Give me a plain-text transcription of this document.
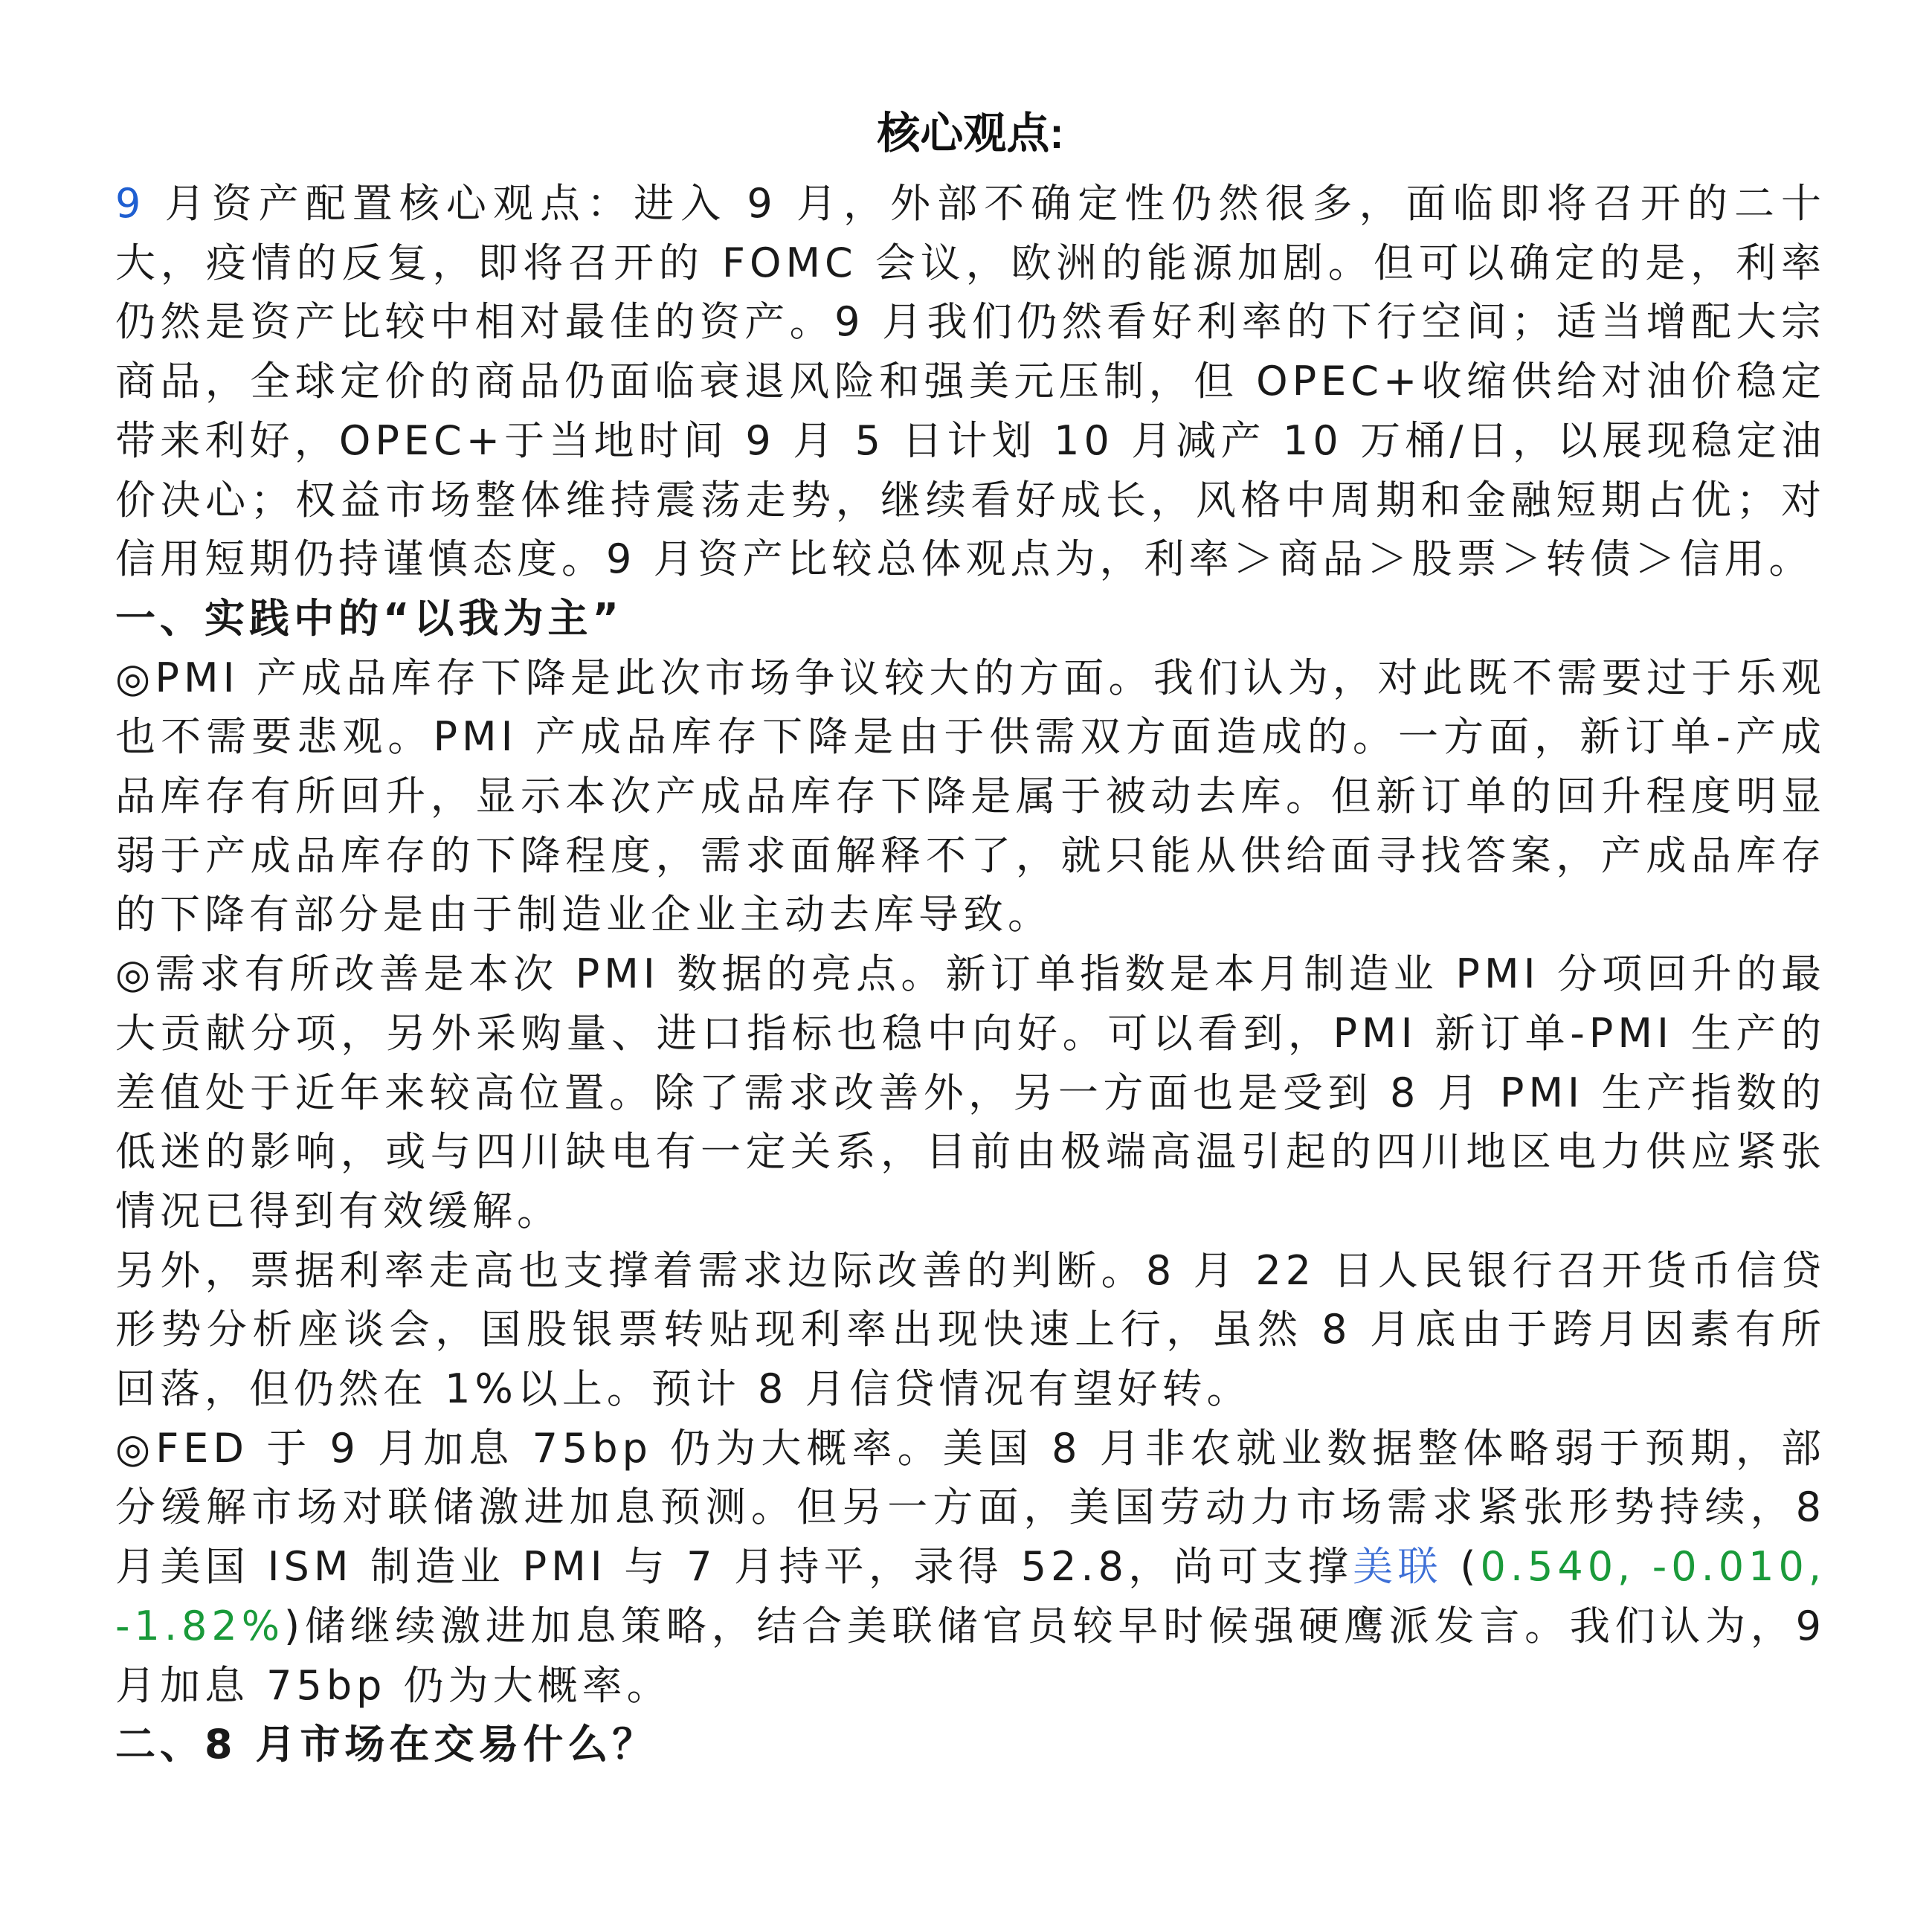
核心观点:

9 月资产配置核心观点：进入 9 月，外部不确定性仍然很多，面临即将召开的二十大，疫情的反复，即将召开的 FOMC 会议，欧洲的能源加剧。但可以确定的是，利率仍然是资产比较中相对最佳的资产。9 月我们仍然看好利率的下行空间；适当增配大宗商品，全球定价的商品仍面临衰退风险和强美元压制，但 OPEC+收缩供给对油价稳定带来利好，OPEC+于当地时间 9 月 5 日计划 10 月减产 10 万桶/日，以展现稳定油价决心；权益市场整体维持震荡走势，继续看好成长，风格中周期和金融短期占优；对信用短期仍持谨慎态度。9 月资产比较总体观点为，利率＞商品＞股票＞转债＞信用。

一、实践中的“以我为主”

◎PMI 产成品库存下降是此次市场争议较大的方面。我们认为，对此既不需要过于乐观也不需要悲观。PMI 产成品库存下降是由于供需双方面造成的。一方面，新订单-产成品库存有所回升，显示本次产成品库存下降是属于被动去库。但新订单的回升程度明显弱于产成品库存的下降程度，需求面解释不了，就只能从供给面寻找答案，产成品库存的下降有部分是由于制造业企业主动去库导致。

◎需求有所改善是本次 PMI 数据的亮点。新订单指数是本月制造业 PMI 分项回升的最大贡献分项，另外采购量、进口指标也稳中向好。可以看到，PMI 新订单-PMI 生产的差值处于近年来较高位置。除了需求改善外，另一方面也是受到 8 月 PMI 生产指数的低迷的影响，或与四川缺电有一定关系，目前由极端高温引起的四川地区电力供应紧张情况已得到有效缓解。

另外，票据利率走高也支撑着需求边际改善的判断。8 月 22 日人民银行召开货币信贷形势分析座谈会，国股银票转贴现利率出现快速上行，虽然 8 月底由于跨月因素有所回落，但仍然在 1%以上。预计 8 月信贷情况有望好转。

◎FED 于 9 月加息 75bp 仍为大概率。美国 8 月非农就业数据整体略弱于预期，部分缓解市场对联储激进加息预测。但另一方面，美国劳动力市场需求紧张形势持续，8 月美国 ISM 制造业 PMI 与 7 月持平，录得 52.8，尚可支撑美联 (0.540, -0.010, -1.82%)储继续激进加息策略，结合美联储官员较早时候强硬鹰派发言。我们认为，9 月加息 75bp 仍为大概率。

二、8 月市场在交易什么？
